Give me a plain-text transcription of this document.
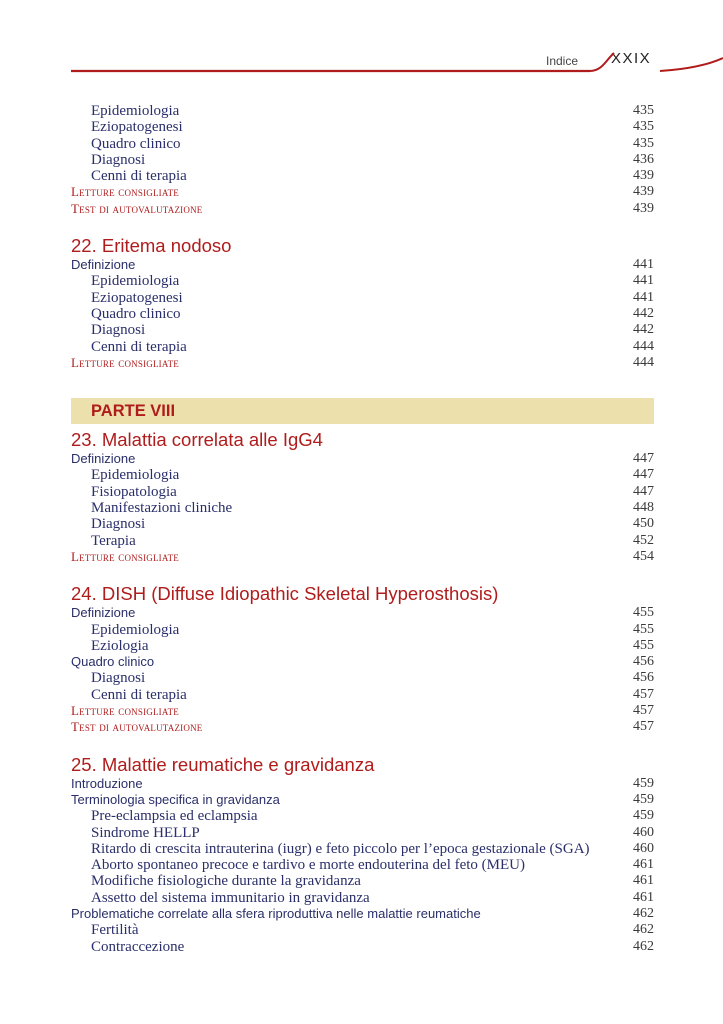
Indice XXIX
Epidemiologia	435
Eziopatogenesi	435
Quadro clinico	435
Diagnosi	436
Cenni di terapia	439
Letture consigliate	439
Test di autovalutazione	439
22. Eritema nodoso
Definizione	441
Epidemiologia	441
Eziopatogenesi	441
Quadro clinico	442
Diagnosi	442
Cenni di terapia	444
Letture consigliate	444
PARTE VIII
23. Malattia correlata alle IgG4
Definizione	447
Epidemiologia	447
Fisiopatologia	447
Manifestazioni cliniche	448
Diagnosi	450
Terapia	452
Letture consigliate	454
24. DISH (Diffuse Idiopathic Skeletal Hyperosthosis)
Definizione	455
Epidemiologia	455
Eziologia	455
Quadro clinico	456
Diagnosi	456
Cenni di terapia	457
Letture consigliate	457
Test di autovalutazione	457
25. Malattie reumatiche e gravidanza
Introduzione	459
Terminologia specifica in gravidanza	459
Pre-eclampsia ed eclampsia	459
Sindrome HELLP	460
Ritardo di crescita intrauterina (iugr) e feto piccolo per l’epoca gestazionale (SGA)	460
Aborto spontaneo precoce e tardivo e morte endouterina del feto (MEU)	461
Modifiche fisiologiche durante la gravidanza	461
Assetto del sistema immunitario in gravidanza	461
Problematiche correlate alla sfera riproduttiva nelle malattie reumatiche	462
Fertilità	462
Contraccezione	462
